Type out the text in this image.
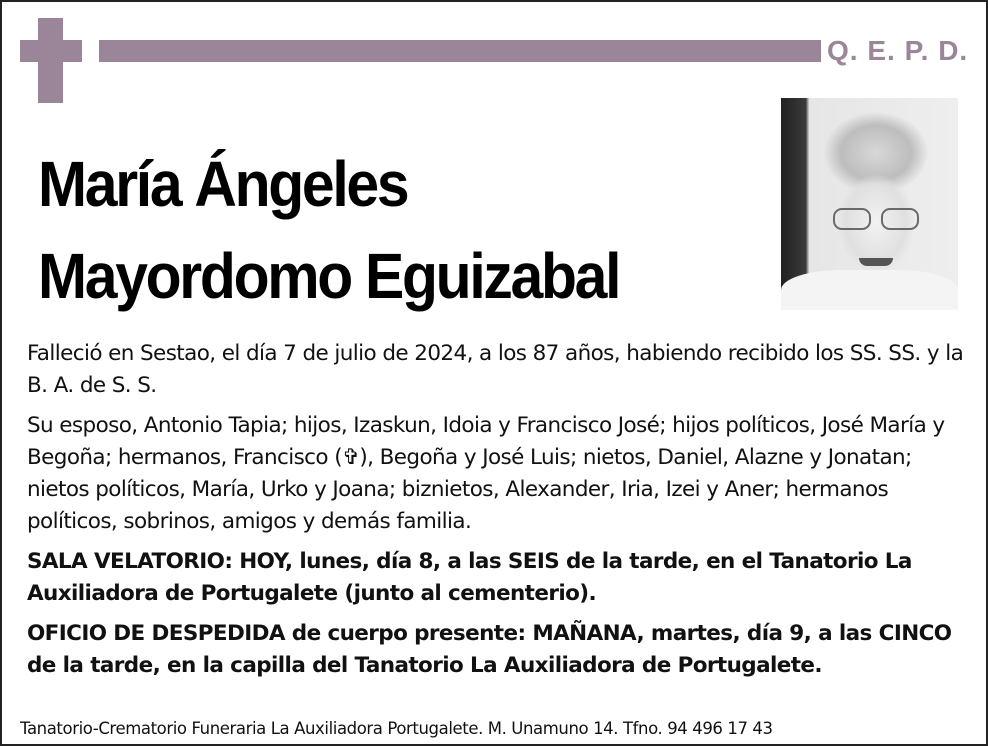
Q. E. P. D.
María Ángeles
Mayordomo Eguizabal

Falleció en Sestao, el día 7 de julio de 2024, a los 87 años, habiendo recibido los SS. SS. y la B. A. de S. S.

Su esposo, Antonio Tapia; hijos, Izaskun, Idoia y Francisco José; hijos políticos, José María y Begoña; hermanos, Francisco (✞), Begoña y José Luis; nietos, Daniel, Alazne y Jonatan; nietos políticos, María, Urko y Joana; biznietos, Alexander, Iria, Izei y Aner; hermanos políticos, sobrinos, amigos y demás familia.

SALA VELATORIO: HOY, lunes, día 8, a las SEIS de la tarde, en el Tanatorio La Auxiliadora de Portugalete (junto al cementerio).

OFICIO DE DESPEDIDA de cuerpo presente: MAÑANA, martes, día 9, a las CINCO de la tarde, en la capilla del Tanatorio La Auxiliadora de Portugalete.

Tanatorio-Crematorio Funeraria La Auxiliadora Portugalete. M. Unamuno 14. Tfno. 94 496 17 43
